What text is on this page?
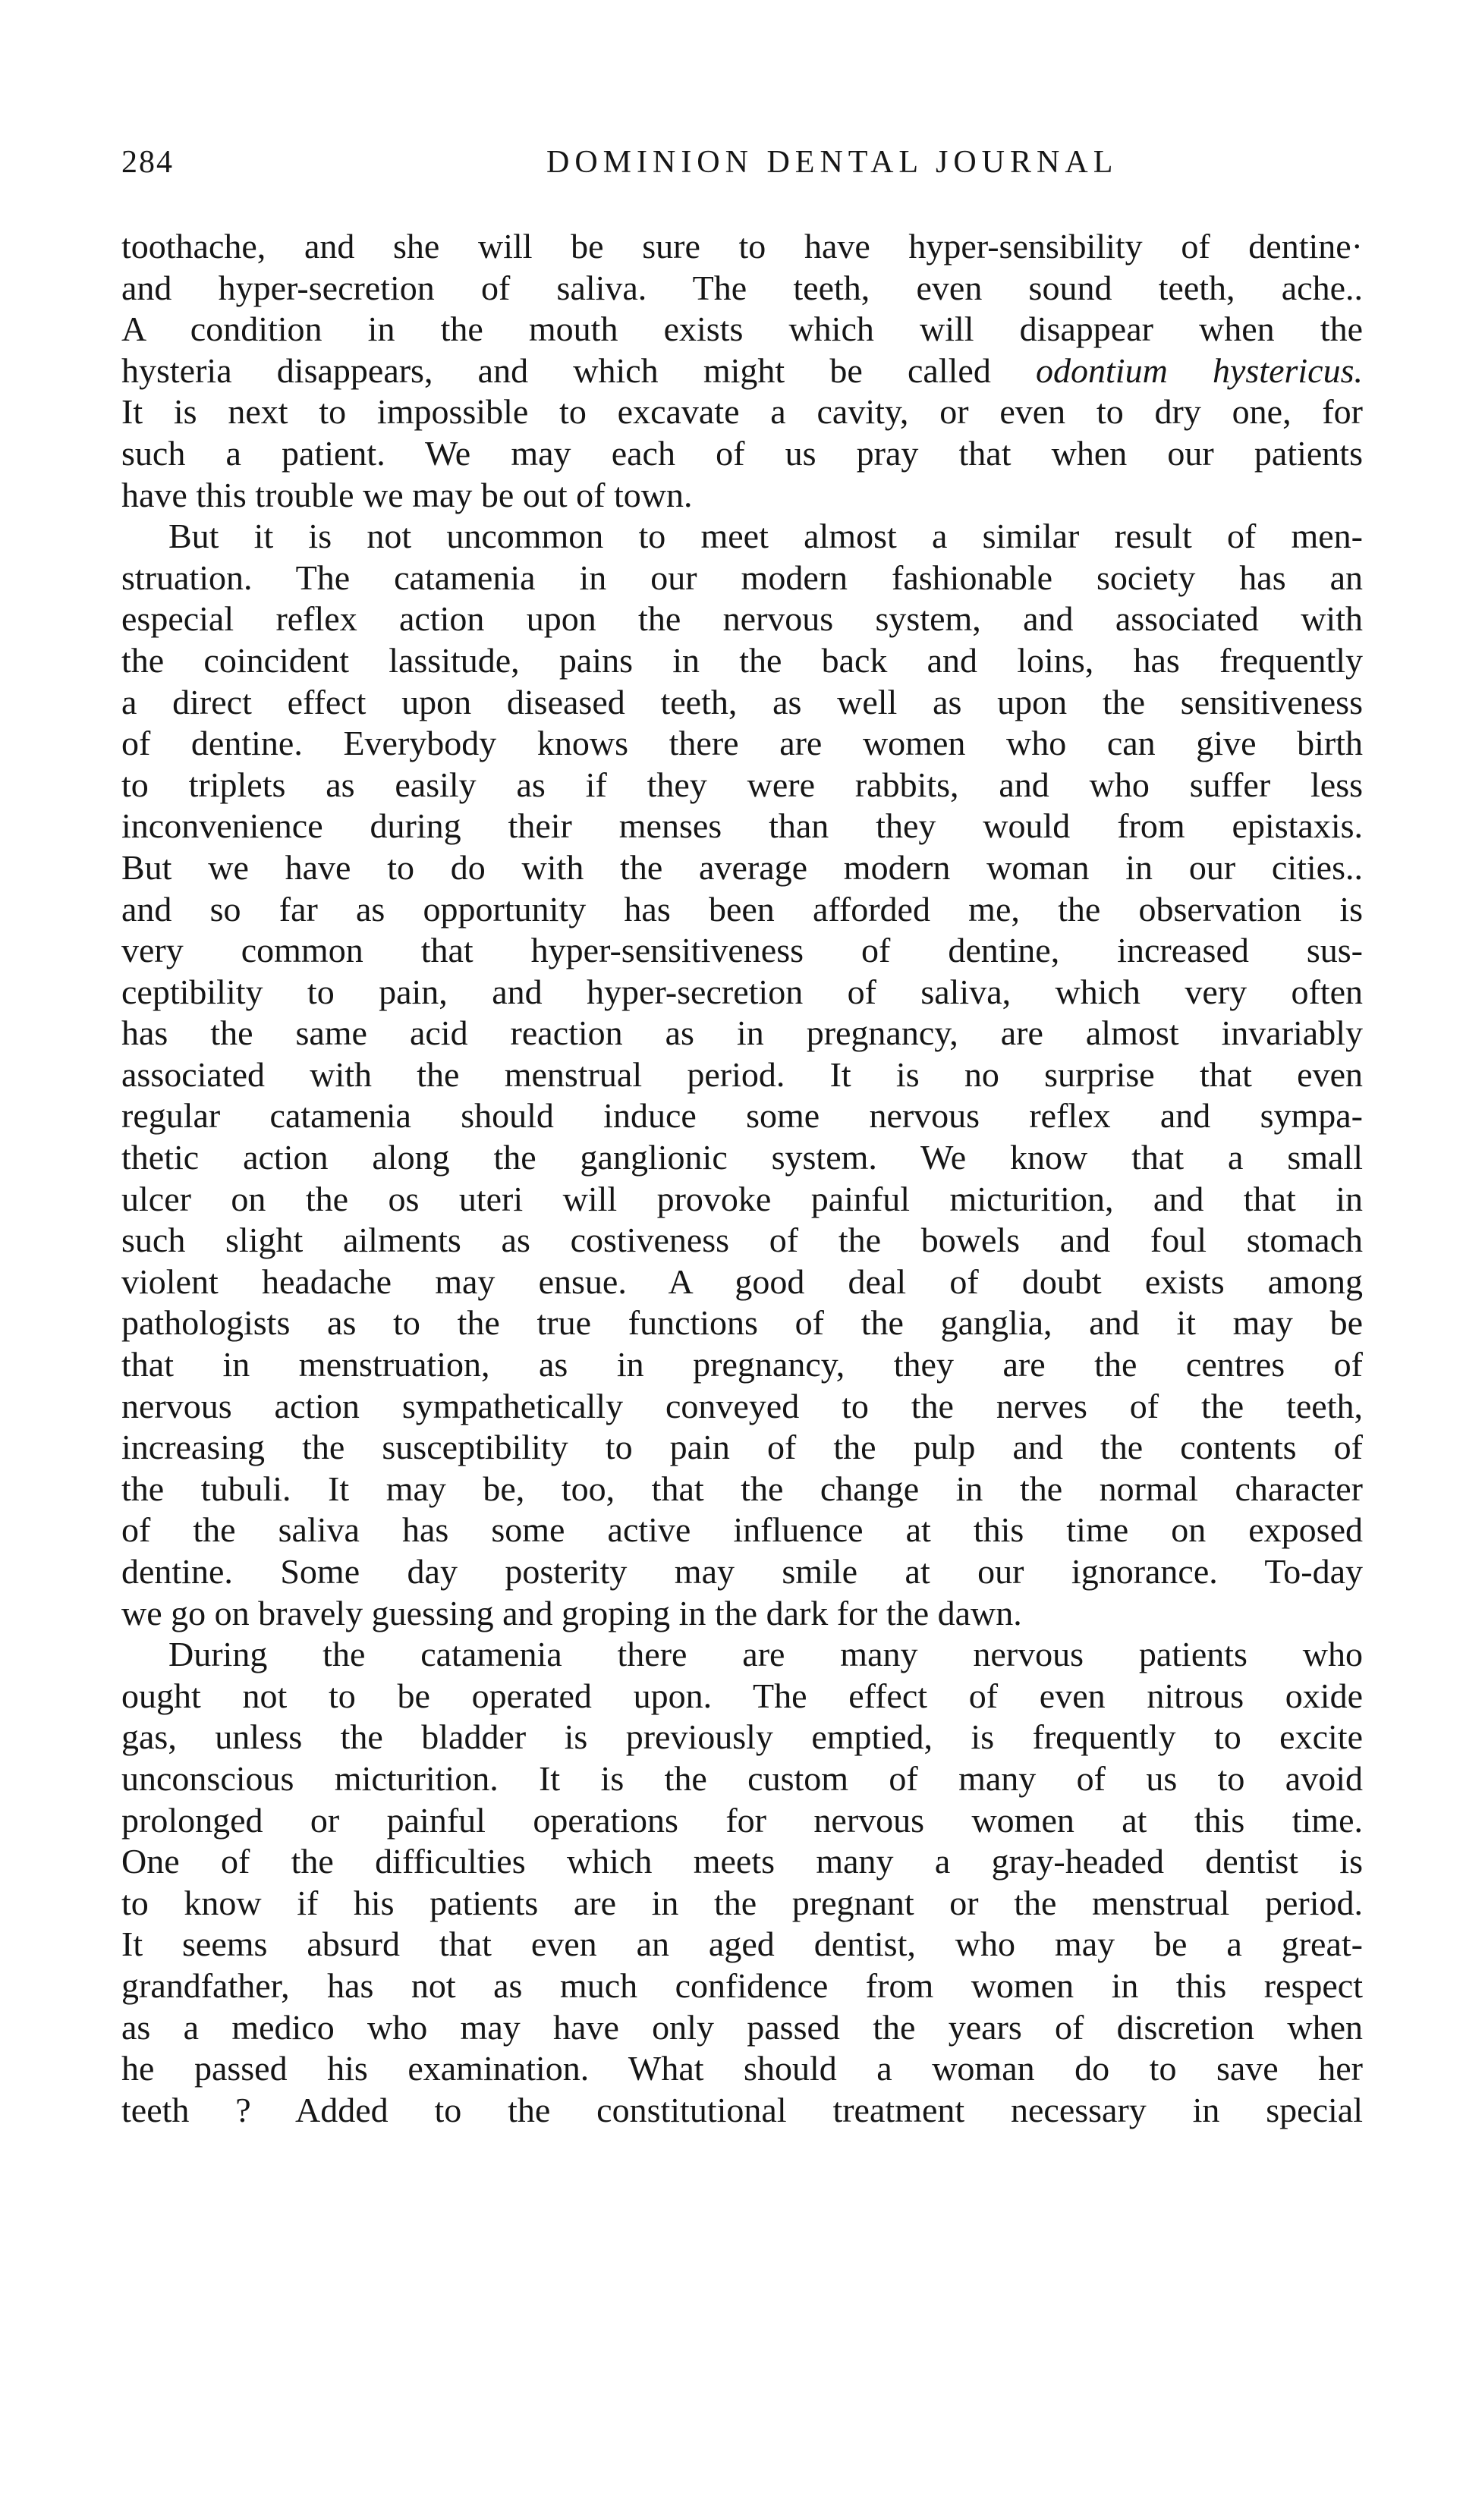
284	DOMINION DENTAL JOURNAL
toothache, and she will be sure to have hyper-sensibility of dentine·
and hyper-secretion of saliva. The teeth, even sound teeth, ache..
A condition in the mouth exists which will disappear when the
hysteria disappears, and which might be called odontium hystericus.
It is next to impossible to excavate a cavity, or even to dry one, for
such a patient. We may each of us pray that when our patients
have this trouble we may be out of town.
But it is not uncommon to meet almost a similar result of men-
struation. The catamenia in our modern fashionable society has an
especial reflex action upon the nervous system, and associated with
the coincident lassitude, pains in the back and loins, has frequently
a direct effect upon diseased teeth, as well as upon the sensitiveness
of dentine. Everybody knows there are women who can give birth
to triplets as easily as if they were rabbits, and who suffer less
inconvenience during their menses than they would from epistaxis.
But we have to do with the average modern woman in our cities..
and so far as opportunity has been afforded me, the observation is
very common that hyper-sensitiveness of dentine, increased sus-
ceptibility to pain, and hyper-secretion of saliva, which very often
has the same acid reaction as in pregnancy, are almost invariably
associated with the menstrual period. It is no surprise that even
regular catamenia should induce some nervous reflex and sympa-
thetic action along the ganglionic system. We know that a small
ulcer on the os uteri will provoke painful micturition, and that in
such slight ailments as costiveness of the bowels and foul stomach
violent headache may ensue. A good deal of doubt exists among
pathologists as to the true functions of the ganglia, and it may be
that in menstruation, as in pregnancy, they are the centres of
nervous action sympathetically conveyed to the nerves of the teeth,
increasing the susceptibility to pain of the pulp and the contents of
the tubuli. It may be, too, that the change in the normal character
of the saliva has some active influence at this time on exposed
dentine. Some day posterity may smile at our ignorance. To-day
we go on bravely guessing and groping in the dark for the dawn.
During the catamenia there are many nervous patients who
ought not to be operated upon. The effect of even nitrous oxide
gas, unless the bladder is previously emptied, is frequently to excite
unconscious micturition. It is the custom of many of us to avoid
prolonged or painful operations for nervous women at this time.
One of the difficulties which meets many a gray-headed dentist is
to know if his patients are in the pregnant or the menstrual period.
It seems absurd that even an aged dentist, who may be a great-
grandfather, has not as much confidence from women in this respect
as a medico who may have only passed the years of discretion when
he passed his examination. What should a woman do to save her
teeth ? Added to the constitutional treatment necessary in special
